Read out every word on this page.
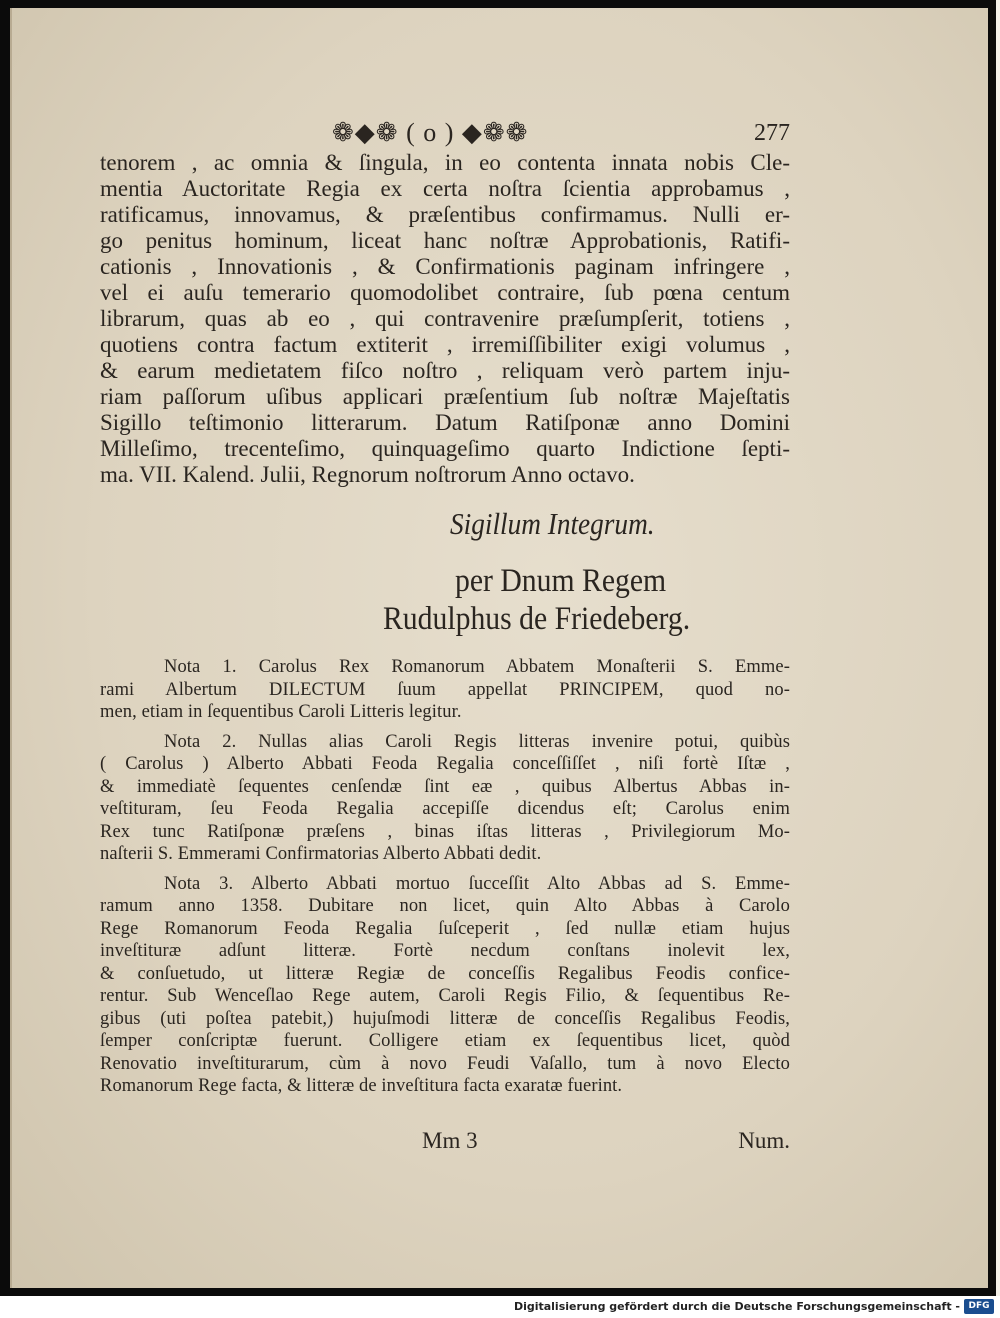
❁◆❁ ( o ) ◆❁❁	277
tenorem , ac omnia & ſingula, in eo contenta innata nobis Cle-
mentia Auctoritate Regia ex certa noſtra ſcientia approbamus ,
ratificamus, innovamus, & præſentibus confirmamus. Nulli er-
go penitus hominum, liceat hanc noſtræ Approbationis, Ratifi-
cationis , Innovationis , & Confirmationis paginam infringere ,
vel ei auſu temerario quomodolibet contraire, ſub pœna centum
librarum, quas ab eo , qui contravenire præſumpſerit, totiens ,
quotiens contra factum extiterit , irremiſſibiliter exigi volumus ,
& earum medietatem fiſco noſtro , reliquam verò partem inju-
riam paſſorum uſibus applicari præſentium ſub noſtræ Majeſtatis
Sigillo teſtimonio litterarum. Datum Ratiſponæ anno Domini
Milleſimo, trecenteſimo, quinquageſimo quarto Indictione ſepti-
ma. VII. Kalend. Julii, Regnorum noſtrorum Anno octavo.
Sigillum Integrum.
per Dnum Regem
Rudulphus de Friedeberg.
Nota 1. Carolus Rex Romanorum Abbatem Monaſterii S. Emme-
rami Albertum DILECTUM ſuum appellat PRINCIPEM, quod no-
men, etiam in ſequentibus Caroli Litteris legitur.
Nota 2. Nullas alias Caroli Regis litteras invenire potui, quibùs
( Carolus ) Alberto Abbati Feoda Regalia conceſſiſſet , niſi fortè Iſtæ ,
& immediatè ſequentes cenſendæ ſint eæ , quibus Albertus Abbas in-
veſtituram, ſeu Feoda Regalia accepiſſe dicendus eſt; Carolus enim
Rex tunc Ratiſponæ præſens , binas iſtas litteras , Privilegiorum Mo-
naſterii S. Emmerami Confirmatorias Alberto Abbati dedit.
Nota 3. Alberto Abbati mortuo ſucceſſit Alto Abbas ad S. Emme-
ramum anno 1358. Dubitare non licet, quin Alto Abbas à Carolo
Rege Romanorum Feoda Regalia ſuſceperit , ſed nullæ etiam hujus
inveſtituræ adſunt litteræ. Fortè necdum conſtans inolevit lex,
& conſuetudo, ut litteræ Regiæ de conceſſis Regalibus Feodis confice-
rentur. Sub Wenceſlao Rege autem, Caroli Regis Filio, & ſequentibus Re-
gibus (uti poſtea patebit,) hujuſmodi litteræ de conceſſis Regalibus Feodis,
ſemper conſcriptæ fuerunt. Colligere etiam ex ſequentibus licet, quòd
Renovatio inveſtiturarum, cùm à novo Feudi Vaſallo, tum à novo Electo
Romanorum Rege facta, & litteræ de inveſtitura facta exaratæ fuerint.
Mm 3	Num.
Digitalisierung gefördert durch die Deutsche Forschungsgemeinschaft - DFG
